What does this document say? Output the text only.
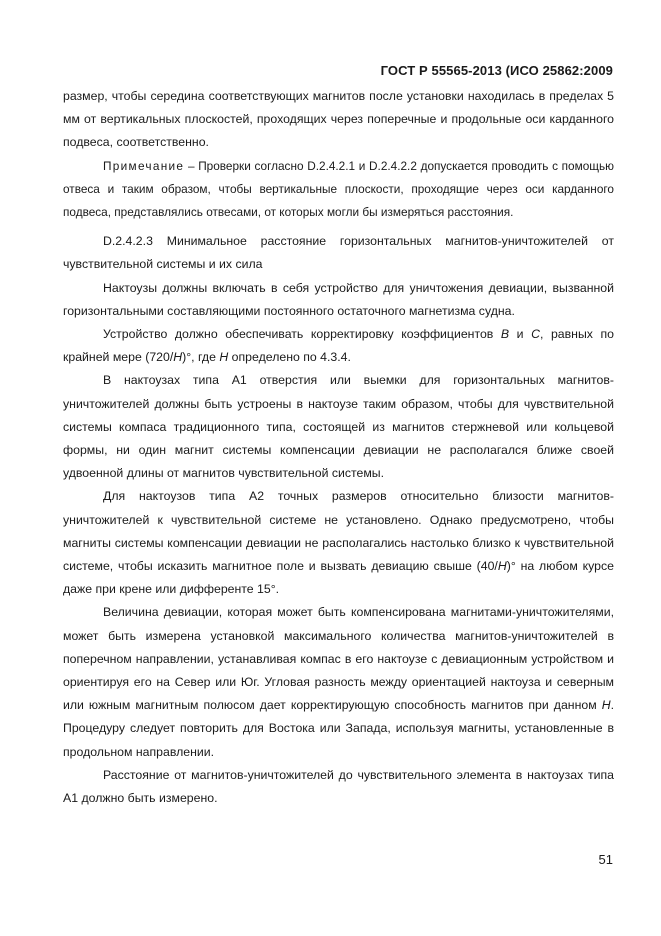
ГОСТ Р 55565-2013 (ИСО 25862:2009

размер, чтобы середина соответствующих магнитов после установки находилась в пределах 5 мм от вертикальных плоскостей, проходящих через поперечные и продольные оси карданного подвеса, соответственно.

Примечание – Проверки согласно D.2.4.2.1 и D.2.4.2.2 допускается проводить с помощью отвеса и таким образом, чтобы вертикальные плоскости, проходящие через оси карданного подвеса, представлялись отвесами, от которых могли бы измеряться расстояния.

D.2.4.2.3 Минимальное расстояние горизонтальных магнитов-уничтожителей от чувствительной системы и их сила

Нактоузы должны включать в себя устройство для уничтожения девиации, вызванной горизонтальными составляющими постоянного остаточного магнетизма судна.

Устройство должно обеспечивать корректировку коэффициентов B и C, равных по крайней мере (720/H)°, где H определено по 4.3.4.

В нактоузах типа А1 отверстия или выемки для горизонтальных магнитов-уничтожителей должны быть устроены в нактоузе таким образом, чтобы для чувствительной системы компаса традиционного типа, состоящей из магнитов стержневой или кольцевой формы, ни один магнит системы компенсации девиации не располагался ближе своей удвоенной длины от магнитов чувствительной системы.

Для нактоузов типа А2 точных размеров относительно близости магнитов-уничтожителей к чувствительной системе не установлено. Однако предусмотрено, чтобы магниты системы компенсации девиации не располагались настолько близко к чувствительной системе, чтобы исказить магнитное поле и вызвать девиацию свыше (40/H)° на любом курсе даже при крене или дифференте 15°.

Величина девиации, которая может быть компенсирована магнитами-уничтожителями, может быть измерена установкой максимального количества магнитов-уничтожителей в поперечном направлении, устанавливая компас в его нактоузе с девиационным устройством и ориентируя его на Север или Юг. Угловая разность между ориентацией нактоуза и северным или южным магнитным полюсом дает корректирующую способность магнитов при данном H. Процедуру следует повторить для Востока или Запада, используя магниты, установленные в продольном направлении.

Расстояние от магнитов-уничтожителей до чувствительного элемента в нактоузах типа А1 должно быть измерено.

51
